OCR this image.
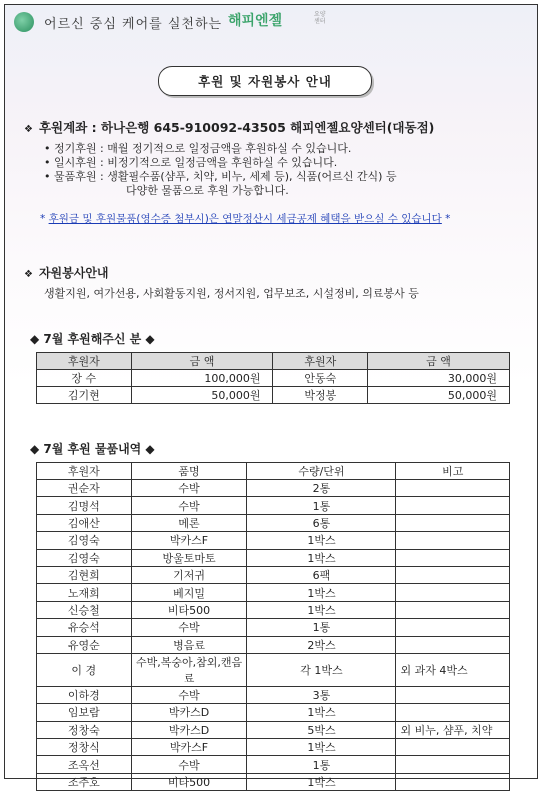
어르신 중심 케어를 실천하는 해피엔젤	요양센터
후원 및 자원봉사 안내
❖ 후원계좌 : 하나은행 645-910092-43505 해피엔젤요양센터(대동점)
• 정기후원 : 매월 정기적으로 일정금액을 후원하실 수 있습니다.
• 일시후원 : 비정기적으로 일정금액을 후원하실 수 있습니다.
• 물품후원 : 생활필수품(샴푸, 치약, 비누, 세제 등), 식품(어르신 간식) 등
다양한 물품으로 후원 가능합니다.
* 후원금 및 후원물품(영수증 첨부시)은 연말정산시 세금공제 혜택을 받으실 수 있습니다 *
❖ 자원봉사안내
생활지원, 여가선용, 사회활동지원, 정서지원, 업무보조, 시설정비, 의료봉사 등
◆ 7월 후원해주신 분 ◆
후원자	금 액	후원자	금 액
장 수	100,000원	안동숙	30,000원
김기현	50,000원	박정봉	50,000원
◆ 7월 후원 물품내역 ◆
후원자	품명	수량/단위	비고
권순자	수박	2통	
김명석	수박	1통	
김애산	메론	6통	
김영숙	박카스F	1박스	
김영숙	방울토마토	1박스	
김현희	기저귀	6팩	
노재희	베지밀	1박스	
신승철	비타500	1박스	
유승석	수박	1통	
유영순	병음료	2박스	
이 경	수박,복숭아,참외,캔음료	각 1박스	외 과자 4박스
이하경	수박	3통	
임보람	박카스D	1박스	
정창숙	박카스D	5박스	외 비누, 샴푸, 치약
정창식	박카스F	1박스	
조옥선	수박	1통	
조주호	비타500	1박스	
